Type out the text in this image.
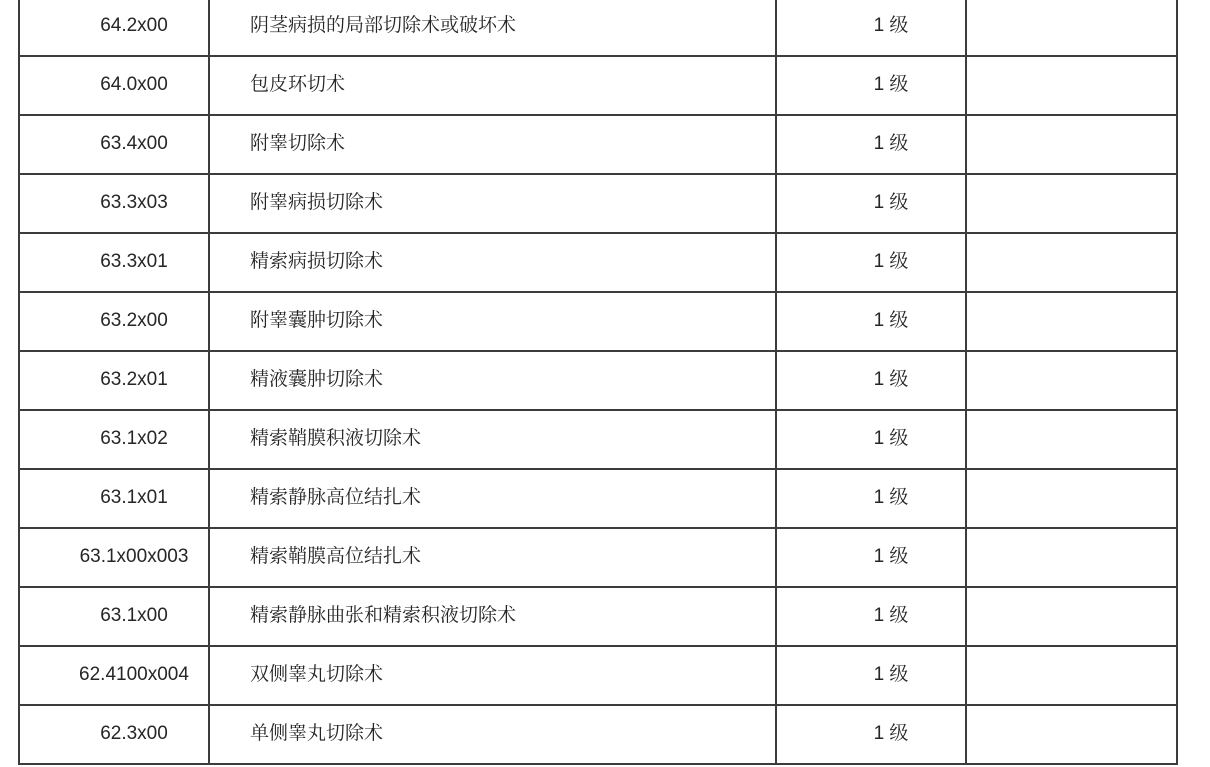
64.2x00	阴茎病损的局部切除术或破坏术	1 级
64.0x00	包皮环切术	1 级
63.4x00	附睾切除术	1 级
63.3x03	附睾病损切除术	1 级
63.3x01	精索病损切除术	1 级
63.2x00	附睾囊肿切除术	1 级
63.2x01	精液囊肿切除术	1 级
63.1x02	精索鞘膜积液切除术	1 级
63.1x01	精索静脉高位结扎术	1 级
63.1x00x003	精索鞘膜高位结扎术	1 级
63.1x00	精索静脉曲张和精索积液切除术	1 级
62.4100x004	双侧睾丸切除术	1 级
62.3x00	单侧睾丸切除术	1 级
